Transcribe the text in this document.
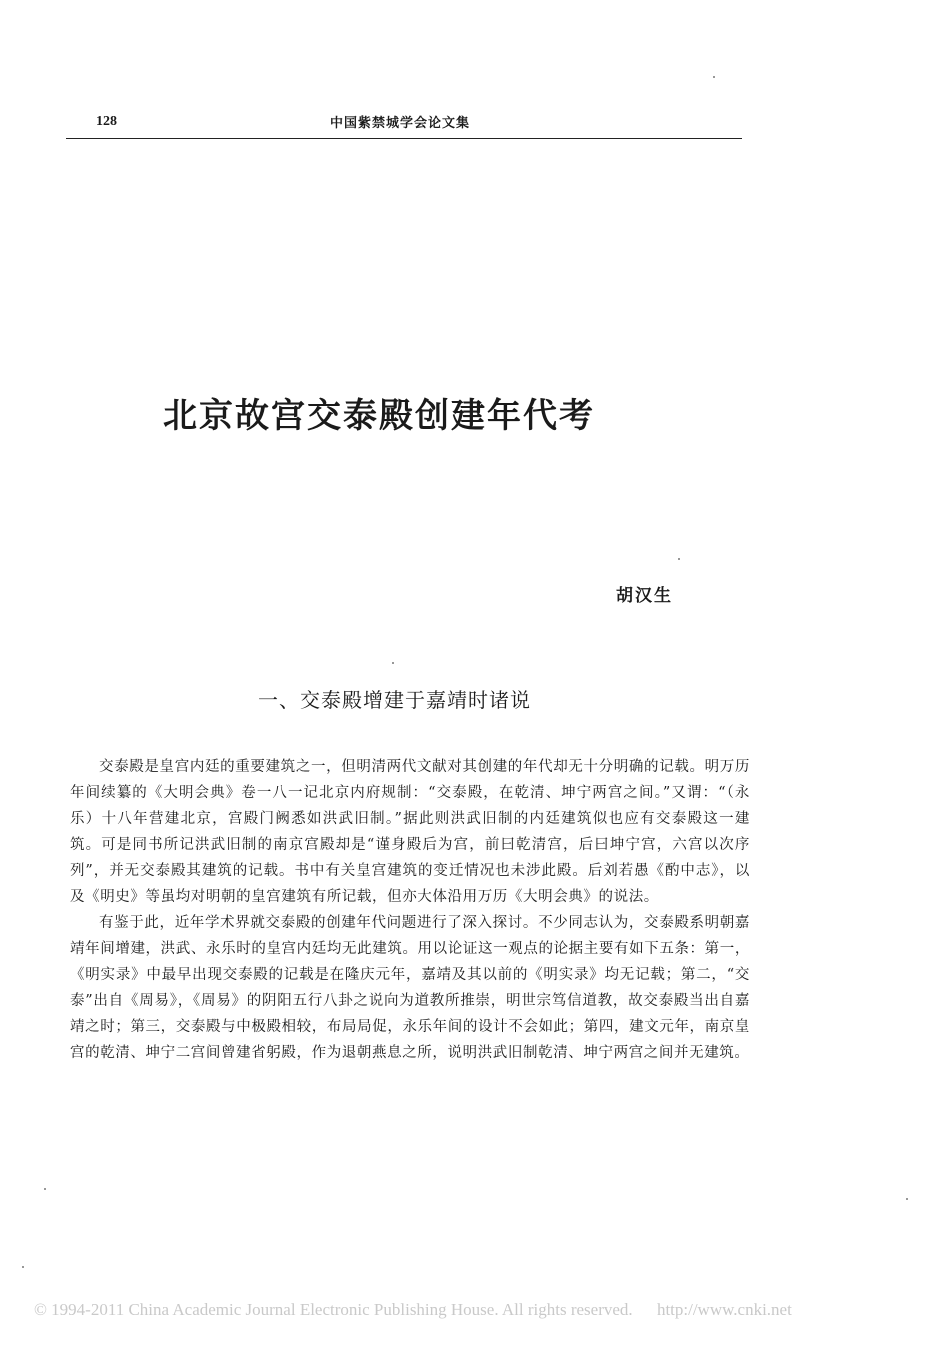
128	中国紫禁城学会论文集
北京故宫交泰殿创建年代考
胡汉生
一、交泰殿增建于嘉靖时诸说

交泰殿是皇宫内廷的重要建筑之一，但明清两代文献对其创建的年代却无十分明确的记载。明万历年间续纂的《大明会典》卷一八一记北京内府规制：“交泰殿，在乾清、坤宁两宫之间。”又谓：“（永乐）十八年营建北京，宫殿门阙悉如洪武旧制。”据此则洪武旧制的内廷建筑似也应有交泰殿这一建筑。可是同书所记洪武旧制的南京宫殿却是“谨身殿后为宫，前曰乾清宫，后曰坤宁宫，六宫以次序列”，并无交泰殿其建筑的记载。书中有关皇宫建筑的变迁情况也未涉此殿。后刘若愚《酌中志》，以及《明史》等虽均对明朝的皇宫建筑有所记载，但亦大体沿用万历《大明会典》的说法。

有鉴于此，近年学术界就交泰殿的创建年代问题进行了深入探讨。不少同志认为，交泰殿系明朝嘉靖年间增建，洪武、永乐时的皇宫内廷均无此建筑。用以论证这一观点的论据主要有如下五条：第一，《明实录》中最早出现交泰殿的记载是在隆庆元年，嘉靖及其以前的《明实录》均无记载；第二，“交泰”出自《周易》，《周易》的阴阳五行八卦之说向为道教所推崇，明世宗笃信道教，故交泰殿当出自嘉靖之时；第三，交泰殿与中极殿相较，布局局促，永乐年间的设计不会如此；第四，建文元年，南京皇宫的乾清、坤宁二宫间曾建省躬殿，作为退朝燕息之所，说明洪武旧制乾清、坤宁两宫之间并无建筑。

© 1994-2011 China Academic Journal Electronic Publishing House. All rights reserved. http://www.cnki.net
